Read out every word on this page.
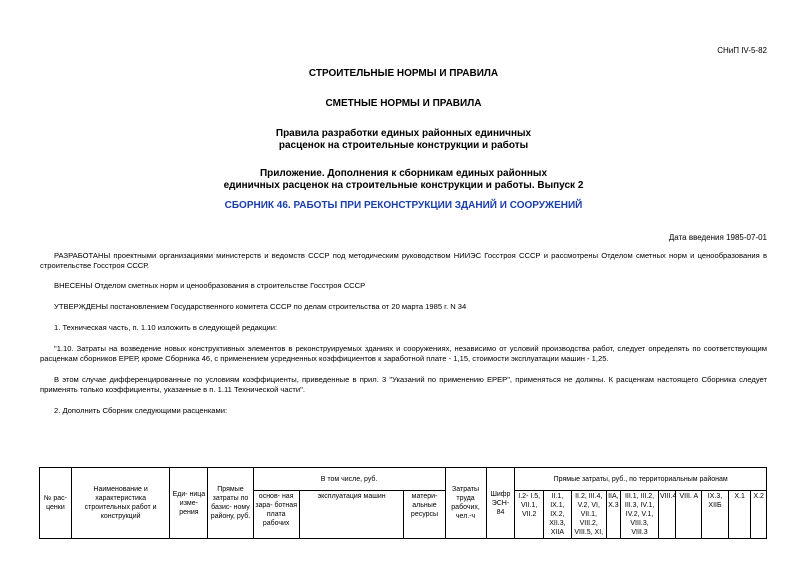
СНиП IV-5-82
СТРОИТЕЛЬНЫЕ НОРМЫ И ПРАВИЛА
СМЕТНЫЕ НОРМЫ И ПРАВИЛА
Правила разработки единых районных единичных
расценок на строительные конструкции и работы
Приложение. Дополнения к сборникам единых районных
единичных расценок на строительные конструкции и работы. Выпуск 2
СБОРНИК 46. РАБОТЫ ПРИ РЕКОНСТРУКЦИИ ЗДАНИЙ И СООРУЖЕНИЙ
Дата введения 1985-07-01
РАЗРАБОТАНЫ проектными организациями министерств и ведомств СССР под методическим руководством НИИЭС Госстроя СССР и рассмотрены Отделом сметных норм и ценообразования в строительстве Госстроя СССР.
ВНЕСЕНЫ Отделом сметных норм и ценообразования в строительстве Госстроя СССР
УТВЕРЖДЕНЫ постановлением Государственного комитета СССР по делам строительства от 20 марта 1985 г. N 34
1. Техническая часть, п. 1.10 изложить в следующей редакции:
"1.10. Затраты на возведение новых конструктивных элементов в реконструируемых зданиях и сооружениях, независимо от условий производства работ, следует определять по соответствующим расценкам сборников ЕРЕР, кроме Сборника 46, с применением усредненных коэффициентов к заработной плате - 1,15, стоимости эксплуатации машин - 1,25.
В этом случае дифференцированные по условиям коэффициенты, приведенные в прил. 3 "Указаний по применению ЕРЕР", применяться не должны. К расценкам настоящего Сборника следует применять только коэффициенты, указанные в п. 1.11 Технической части".
2. Дополнить Сборник следующими расценками:
№ рас- ценки	Наименование и характеристика строительных работ и конструкций	Еди- ница изме- рения	Прямые затраты по базис- ному району, руб.	В том числе, руб.			Затраты труда рабочих, чел.-ч	Шифр ЭСН- 84	Прямые затраты, руб., по территориальным районам									
				основ- ная зара- ботная плата рабочих	эксплуатация машин	матери- альные ресурсы			I.2- I.5, VII.1, VII.2	II.1, IX.1, IX.2, XII.3, XIIA	II.2, III.4, V.2, VI, VII.1, VIII.2, VIII.5, XI,	IIA, X.3	III.1, III.2, III.3, IV.1, IV.2, V.1, VIII.3, VIII.3	VIII.4	VIII. A	IX.3, XIIБ	X.1	X.2
